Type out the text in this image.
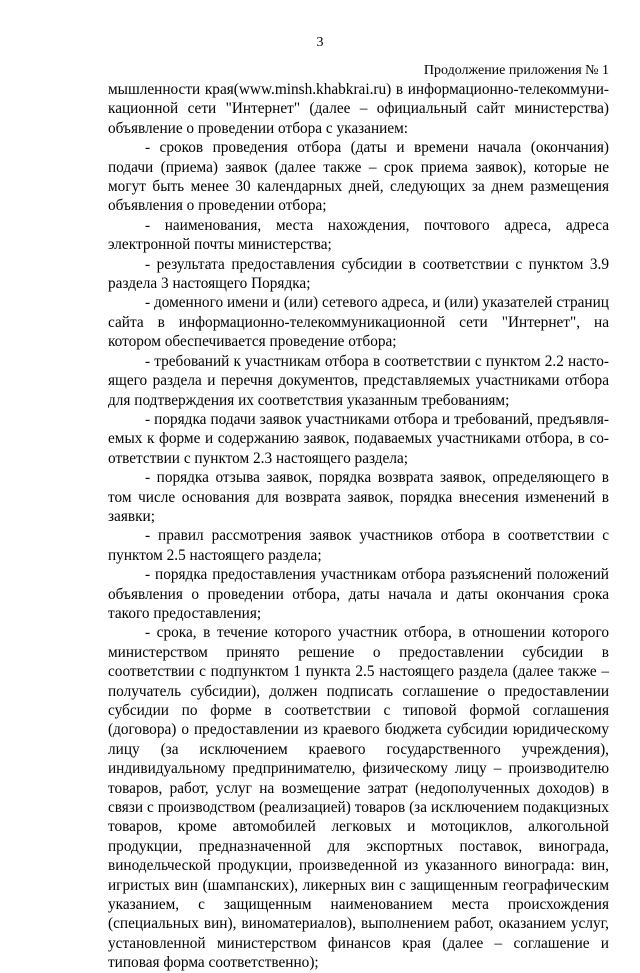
3
Продолжение приложения № 1

мышленности края(www.minsh.khabkrai.ru) в информационно-телекоммуникационной сети "Интернет" (далее – официальный сайт министерства) объявление о проведении отбора с указанием:

- сроков проведения отбора (даты и времени начала (окончания) подачи (приема) заявок (далее также – срок приема заявок), которые не могут быть менее 30 календарных дней, следующих за днем размещения объявления о проведении отбора;

- наименования, места нахождения, почтового адреса, адреса электронной почты министерства;

- результата предоставления субсидии в соответствии с пунктом 3.9 раздела 3 настоящего Порядка;

- доменного имени и (или) сетевого адреса, и (или) указателей страниц сайта в информационно-телекоммуникационной сети "Интернет", на котором обеспечивается проведение отбора;

- требований к участникам отбора в соответствии с пунктом 2.2 настоящего раздела и перечня документов, представляемых участниками отбора для подтверждения их соответствия указанным требованиям;

- порядка подачи заявок участниками отбора и требований, предъявляемых к форме и содержанию заявок, подаваемых участниками отбора, в соответствии с пунктом 2.3 настоящего раздела;

- порядка отзыва заявок, порядка возврата заявок, определяющего в том числе основания для возврата заявок, порядка внесения изменений в заявки;

- правил рассмотрения заявок участников отбора в соответствии с пунктом 2.5 настоящего раздела;

- порядка предоставления участникам отбора разъяснений положений объявления о проведении отбора, даты начала и даты окончания срока такого предоставления;

- срока, в течение которого участник отбора, в отношении которого министерством принято решение о предоставлении субсидии в соответствии с подпунктом 1 пункта 2.5 настоящего раздела (далее также – получатель субсидии), должен подписать соглашение о предоставлении субсидии по форме в соответствии с типовой формой соглашения (договора) о предоставлении из краевого бюджета субсидии юридическому лицу (за исключением краевого государственного учреждения), индивидуальному предпринимателю, физическому лицу – производителю товаров, работ, услуг на возмещение затрат (недополученных доходов) в связи с производством (реализацией) товаров (за исключением подакцизных товаров, кроме автомобилей легковых и мотоциклов, алкогольной продукции, предназначенной для экспортных поставок, винограда, винодельческой продукции, произведенной из указанного винограда: вин, игристых вин (шампанских), ликерных вин с защищенным географическим указанием, с защищенным наименованием места происхождения (специальных вин), виноматериалов), выполнением работ, оказанием услуг, установленной министерством финансов края (далее – соглашение и типовая форма соответственно);
